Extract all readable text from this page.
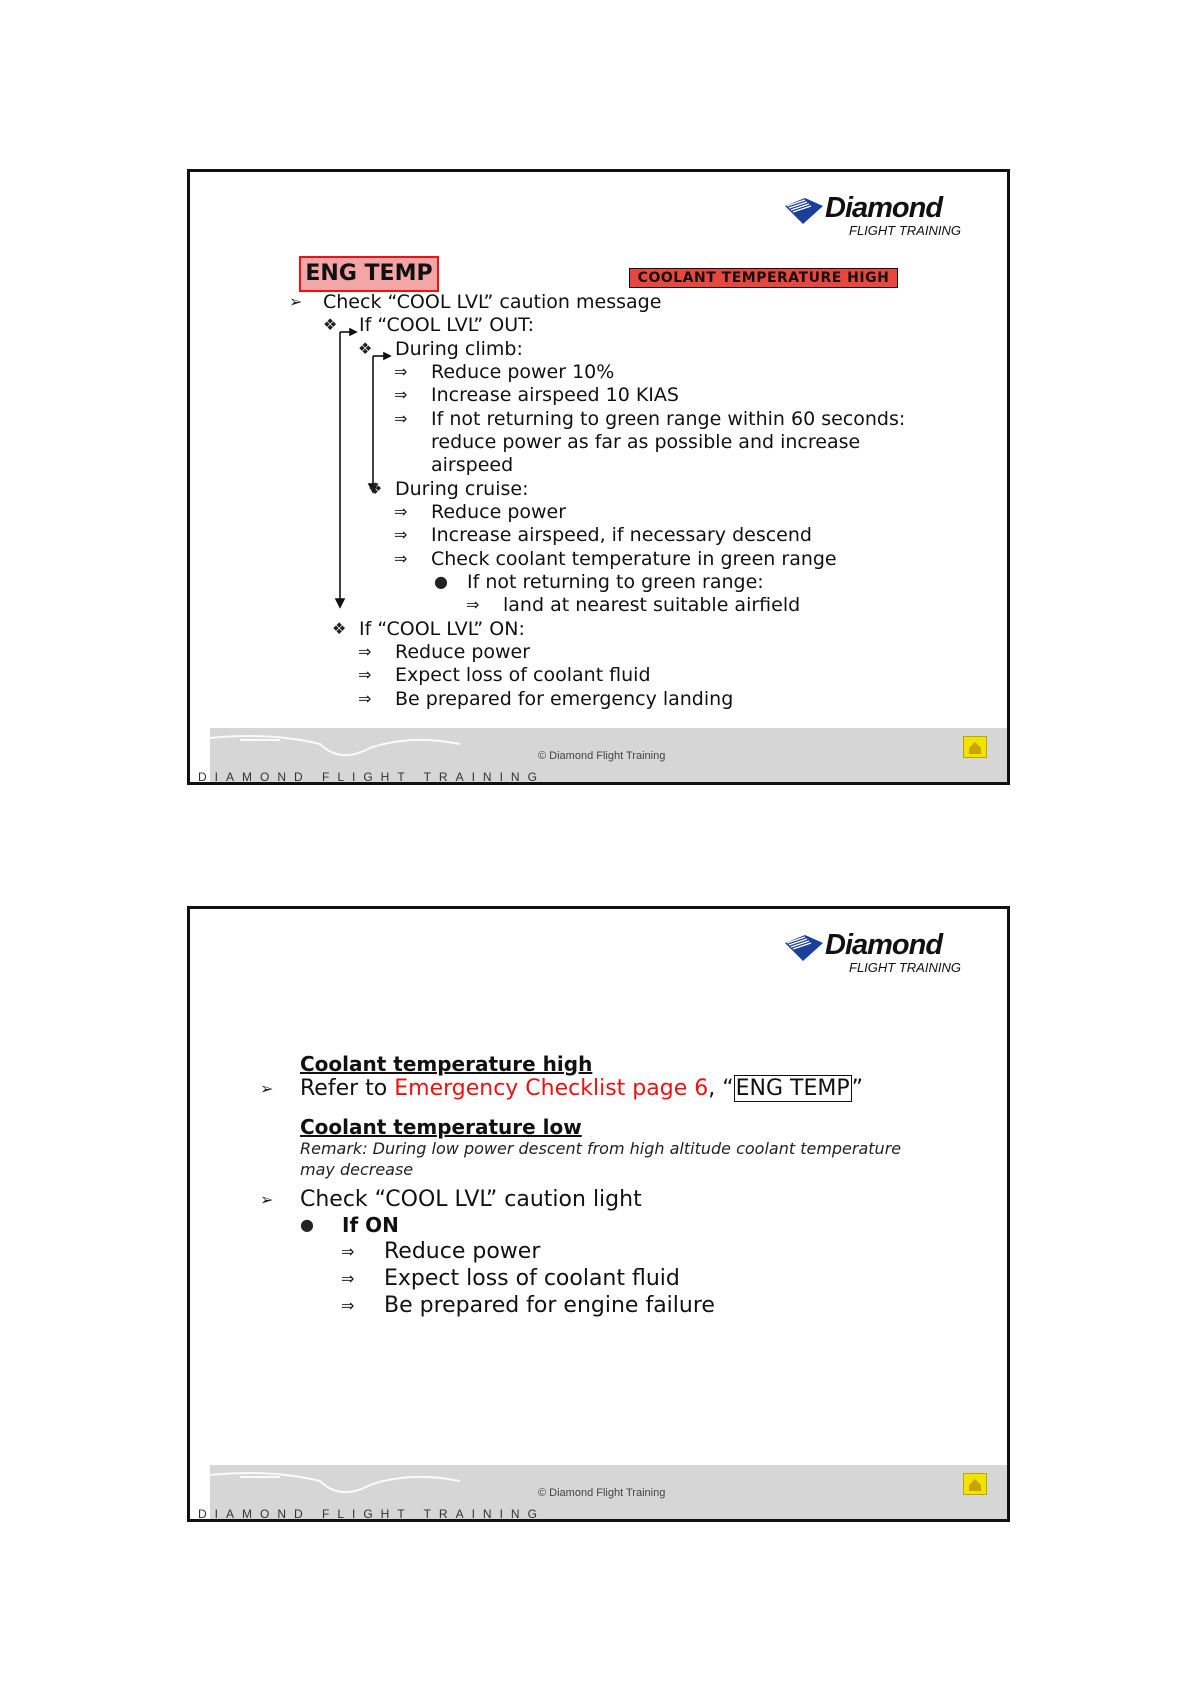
Diamond
FLIGHT TRAINING
ENG TEMP	COOLANT TEMPERATURE HIGH
➢ Check “COOL LVL” caution message
❖ If “COOL LVL” OUT:
❖ During climb:
⇒ Reduce power 10%
⇒ Increase airspeed 10 KIAS
⇒ If not returning to green range within 60 seconds:
reduce power as far as possible and increase
airspeed
❖ During cruise:
⇒ Reduce power
⇒ Increase airspeed, if necessary descend
⇒ Check coolant temperature in green range
● If not returning to green range:
⇒ land at nearest suitable airfield
❖ If “COOL LVL” ON:
⇒ Reduce power
⇒ Expect loss of coolant fluid
⇒ Be prepared for emergency landing
DIAMOND FLIGHT TRAINING
© Diamond Flight Training
Diamond
FLIGHT TRAINING
Coolant temperature high
➢ Refer to Emergency Checklist page 6, “ENG TEMP”
Coolant temperature low
Remark: During low power descent from high altitude coolant temperature
may decrease
➢ Check “COOL LVL” caution light
● If ON
⇒ Reduce power
⇒ Expect loss of coolant fluid
⇒ Be prepared for engine failure
DIAMOND FLIGHT TRAINING
© Diamond Flight Training
